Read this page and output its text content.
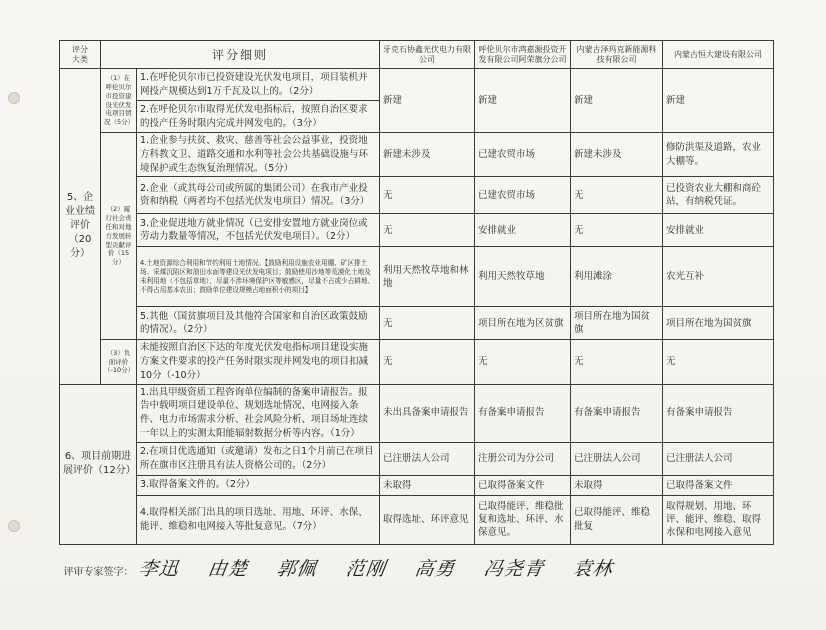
评分
大类	评分细则		牙克石协鑫光伏电力有限公司	呼伦贝尔市鸿嘉源投资开发有限公司阿荣旗分公司	内蒙古泽玛克新能源科技有限公司	内蒙古恒大建设有限公司
5、企业业绩评价（20分）	（1）在呼伦贝尔市投资建设光伏发电项目情况（5分）	1.在呼伦贝尔市已投资建设光伏发电项目，项目装机并网投产规模达到1万千瓦及以上的。（2分）	新建	新建	新建	新建
		2.在呼伦贝尔市取得光伏发电指标后，按照自治区要求的投产任务时限内完成并网发电的。（3分）				
	（2）履行社会责任和对地方发展转型贡献评价（15分）	1.企业参与扶贫、救灾、慈善等社会公益事业，投资地方科教文卫、道路交通和水利等社会公共基础设施与环境保护或生态恢复治理情况。（5分）	新建未涉及	已建农贸市场	新建未涉及	修防洪渠及道路，农业大棚等。
		2.企业（或其母公司或所属的集团公司）在我市产业投资和纳税（两者均不包括光伏发电项目）情况。（3分）	无	已建农贸市场	无	已投资农业大棚和商砼站，有纳税凭证。
		3.企业促进地方就业情况（已安排安置地方就业岗位或劳动力数量等情况，不包括光伏发电项目）。（2分）	无	安排就业	无	安排就业
		4.土地资源综合利用和节约利用土地情况。【鼓励利用设施农业用棚、矿区排土场、采煤沉陷区和油田水面等建设光伏发电项目；鼓励使用沙地等荒漠化土地及未利用地（不包括草地），尽量不涉环境保护区等敏感区，尽量不占或少占耕地、不得占用基本农田；鼓励单位建设规模占地面积小的项目】	利用天然牧草地和林地	利用天然牧草地	利用滩涂	农光互补
		5.其他（国贫旗项目及其他符合国家和自治区政策鼓励的情况）。（2分）	无	项目所在地为区贫旗	项目所在地为国贫旗	项目所在地为国贫旗
	（3）负面评价（-10分）	未能按照自治区下达的年度光伏发电指标项目建设实施方案文件要求的投产任务时限实现并网发电的项目扣减10分（-10分）	无	无	无	无
6、项目前期进展评价（12分）		1.出具甲级资质工程咨询单位编制的备案申请报告。报告中载明项目建设单位、规划选址情况、电网接入条件、电力市场需求分析、社会风险分析、项目场址连续一年以上的实测太阳能辐射数据分析等内容。（1分）	未出具备案申请报告	有备案申请报告	有备案申请报告	有备案申请报告
		2.在项目优选通知（或邀请）发布之日1个月前已在项目所在旗市区注册具有法人资格公司的。（2分）	已注册法人公司	注册公司为分公司	已注册法人公司	已注册法人公司
		3.取得备案文件的。（2分）	未取得	已取得备案文件	未取得	已取得备案文件
		4.取得相关部门出具的项目选址、用地、环评、水保、能评、维稳和电网接入等批复意见。（7分）	取得选址、环评意见	已取得能评、维稳批复和选址、环评、水保意见。	已取得能评、维稳批复	取得规划、用地、环评、能评、维稳、取得水保和电网接入意见
评审专家签字： 李迅 由楚 郭佩 范刚 高勇 冯尧青 袁林						
